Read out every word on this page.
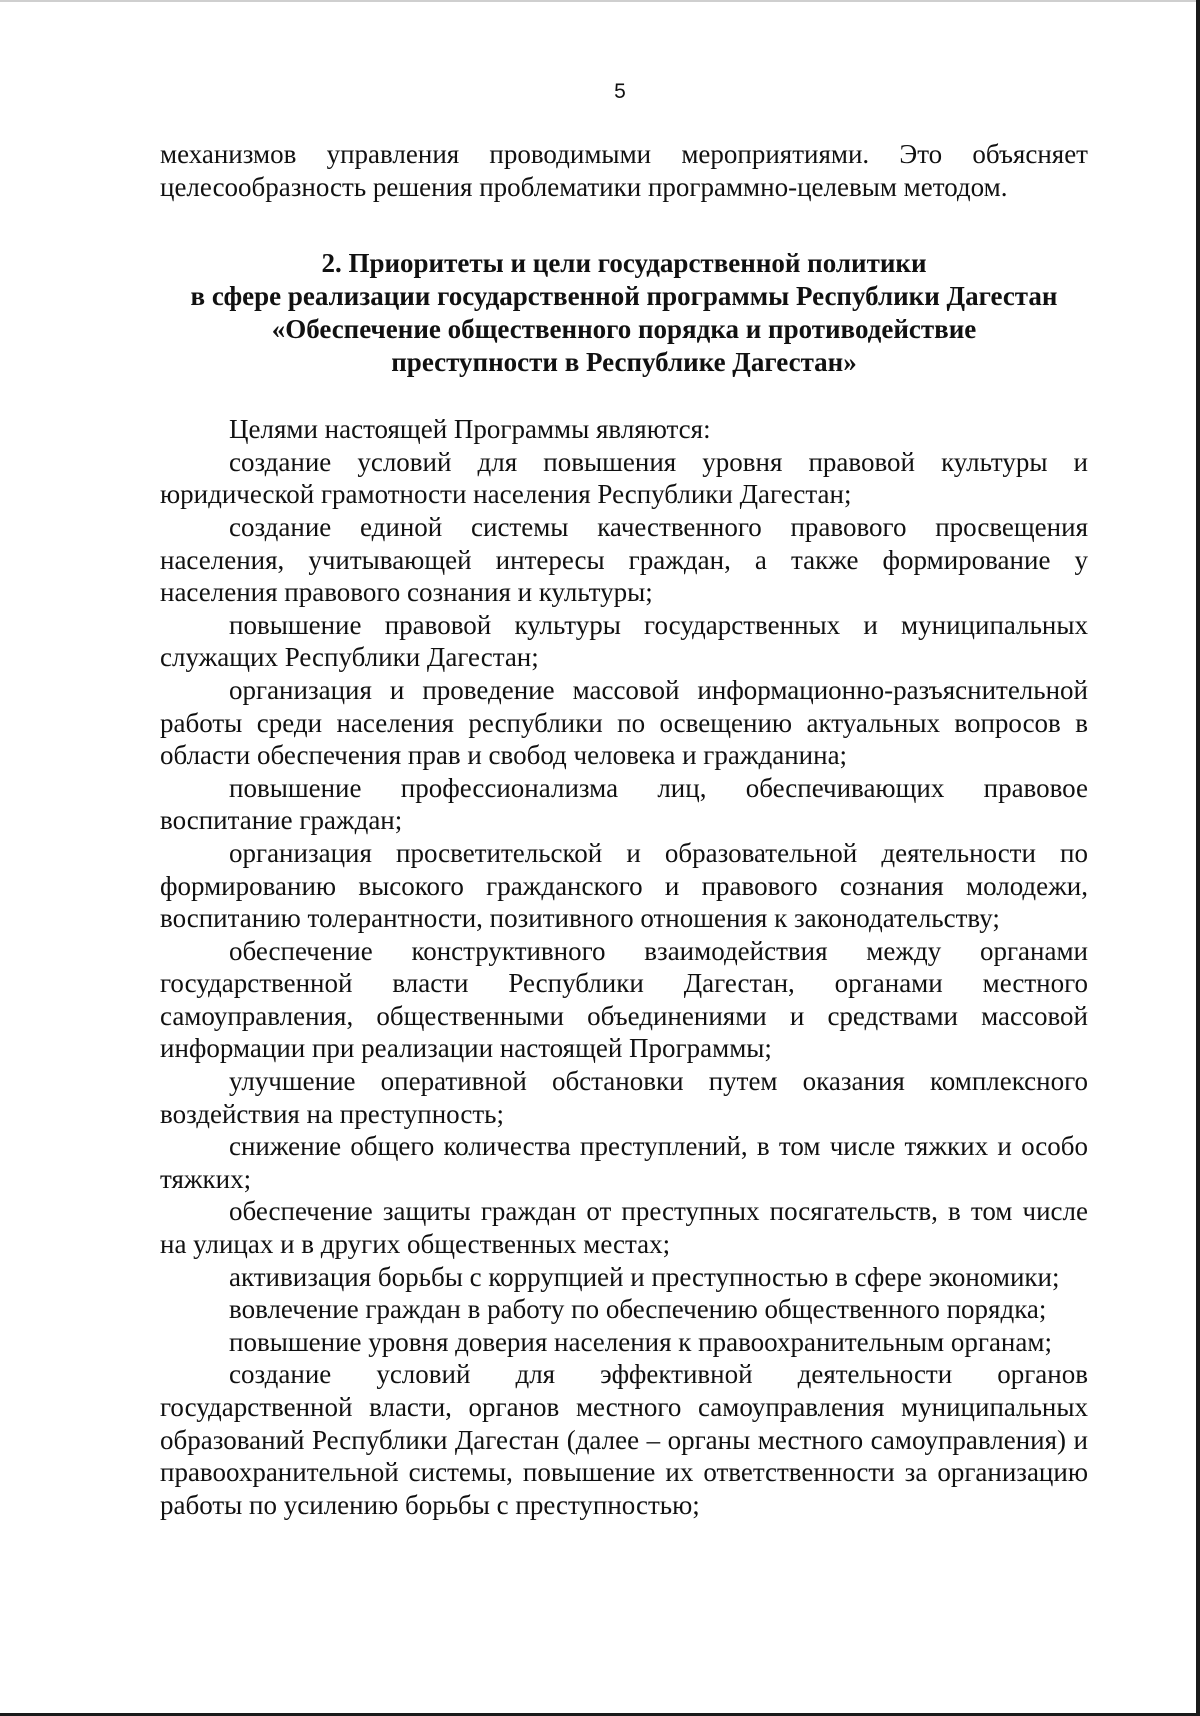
5

механизмов управления проводимыми мероприятиями. Это объясняет целесообразность решения проблематики программно-целевым методом.

2. Приоритеты и цели государственной политики

в сфере реализации государственной программы Республики Дагестан

«Обеспечение общественного порядка и противодействие

преступности в Республике Дагестан»

Целями настоящей Программы являются:

создание условий для повышения уровня правовой культуры и юридической грамотности населения Республики Дагестан;

создание единой системы качественного правового просвещения населения, учитывающей интересы граждан, а также формирование у населения правового сознания и культуры;

повышение правовой культуры государственных и муниципальных служащих Республики Дагестан;

организация и проведение массовой информационно-разъяснительной работы среди населения республики по освещению актуальных вопросов в области обеспечения прав и свобод человека и гражданина;

повышение профессионализма лиц, обеспечивающих правовое воспитание граждан;

организация просветительской и образовательной деятельности по формированию высокого гражданского и правового сознания молодежи, воспитанию толерантности, позитивного отношения к законодательству;

обеспечение конструктивного взаимодействия между органами государственной власти Республики Дагестан, органами местного самоуправления, общественными объединениями и средствами массовой информации при реализации настоящей Программы;

улучшение оперативной обстановки путем оказания комплексного воздействия на преступность;

снижение общего количества преступлений, в том числе тяжких и особо тяжких;

обеспечение защиты граждан от преступных посягательств, в том числе на улицах и в других общественных местах;

активизация борьбы с коррупцией и преступностью в сфере экономики;

вовлечение граждан в работу по обеспечению общественного порядка;

повышение уровня доверия населения к правоохранительным органам;

создание условий для эффективной деятельности органов государственной власти, органов местного самоуправления муниципальных образований Республики Дагестан (далее – органы местного самоуправления) и правоохранительной системы, повышение их ответственности за организацию работы по усилению борьбы с преступностью;
